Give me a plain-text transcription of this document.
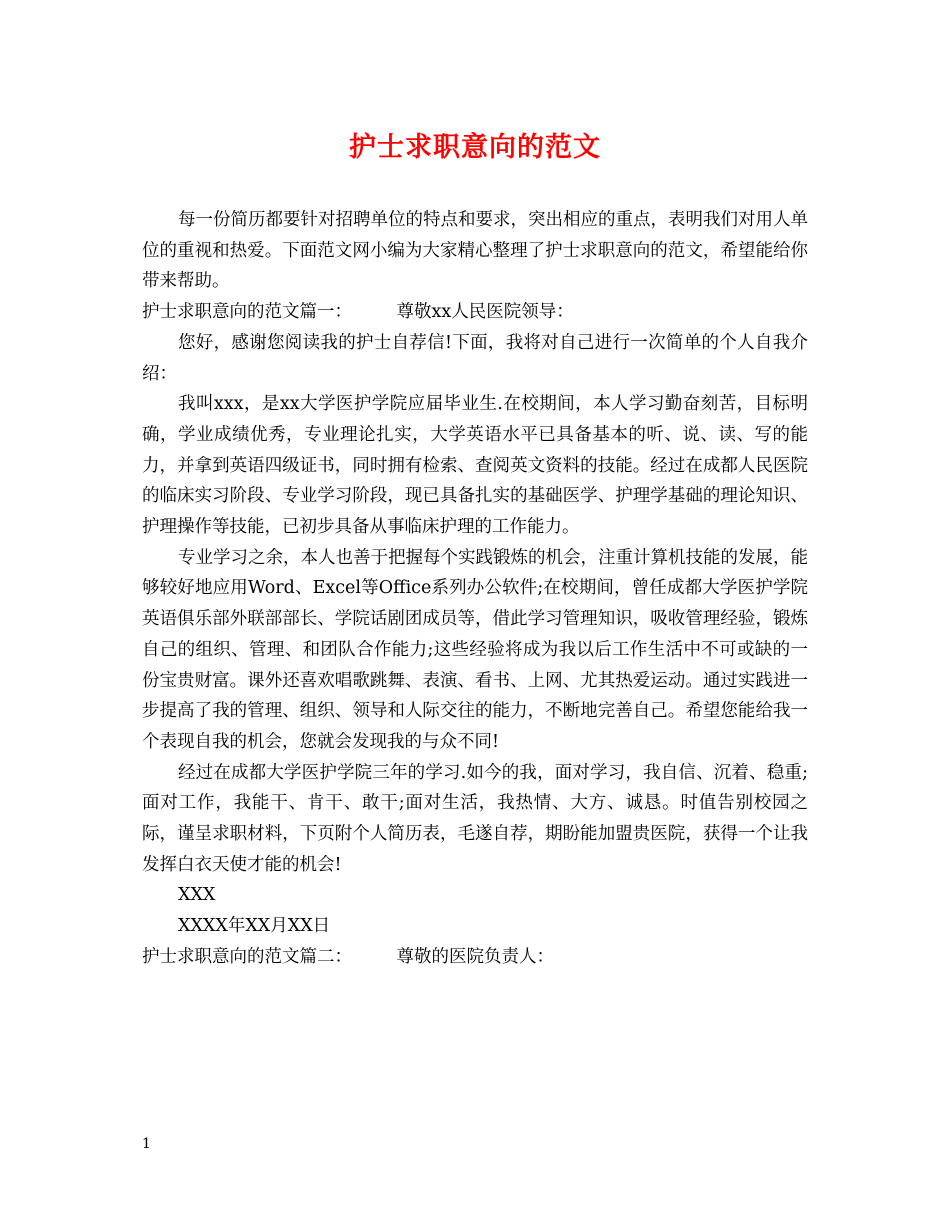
护士求职意向的范文

每一份简历都要针对招聘单位的特点和要求，突出相应的重点，表明我们对用人单位的重视和热爱。下面范文网小编为大家精心整理了护士求职意向的范文，希望能给你带来帮助。

护士求职意向的范文篇一：        尊敬xx人民医院领导：

您好，感谢您阅读我的护士自荐信!下面，我将对自己进行一次简单的个人自我介绍：

我叫xxx，是xx大学医护学院应届毕业生.在校期间，本人学习勤奋刻苦，目标明确，学业成绩优秀，专业理论扎实，大学英语水平已具备基本的听、说、读、写的能力，并拿到英语四级证书，同时拥有检索、查阅英文资料的技能。经过在成都人民医院的临床实习阶段、专业学习阶段，现已具备扎实的基础医学、护理学基础的理论知识、护理操作等技能，已初步具备从事临床护理的工作能力。

专业学习之余，本人也善于把握每个实践锻炼的机会，注重计算机技能的发展，能够较好地应用Word、Excel等Office系列办公软件;在校期间，曾任成都大学医护学院英语俱乐部外联部部长、学院话剧团成员等，借此学习管理知识，吸收管理经验，锻炼自己的组织、管理、和团队合作能力;这些经验将成为我以后工作生活中不可或缺的一份宝贵财富。课外还喜欢唱歌跳舞、表演、看书、上网、尤其热爱运动。通过实践进一步提高了我的管理、组织、领导和人际交往的能力，不断地完善自己。希望您能给我一个表现自我的机会，您就会发现我的与众不同!

经过在成都大学医护学院三年的学习.如今的我，面对学习，我自信、沉着、稳重;面对工作，我能干、肯干、敢干;面对生活，我热情、大方、诚恳。时值告别校园之际，谨呈求职材料，下页附个人简历表，毛遂自荐，期盼能加盟贵医院，获得一个让我发挥白衣天使才能的机会!

XXX

XXXX年XX月XX日

护士求职意向的范文篇二：        尊敬的医院负责人：

1
